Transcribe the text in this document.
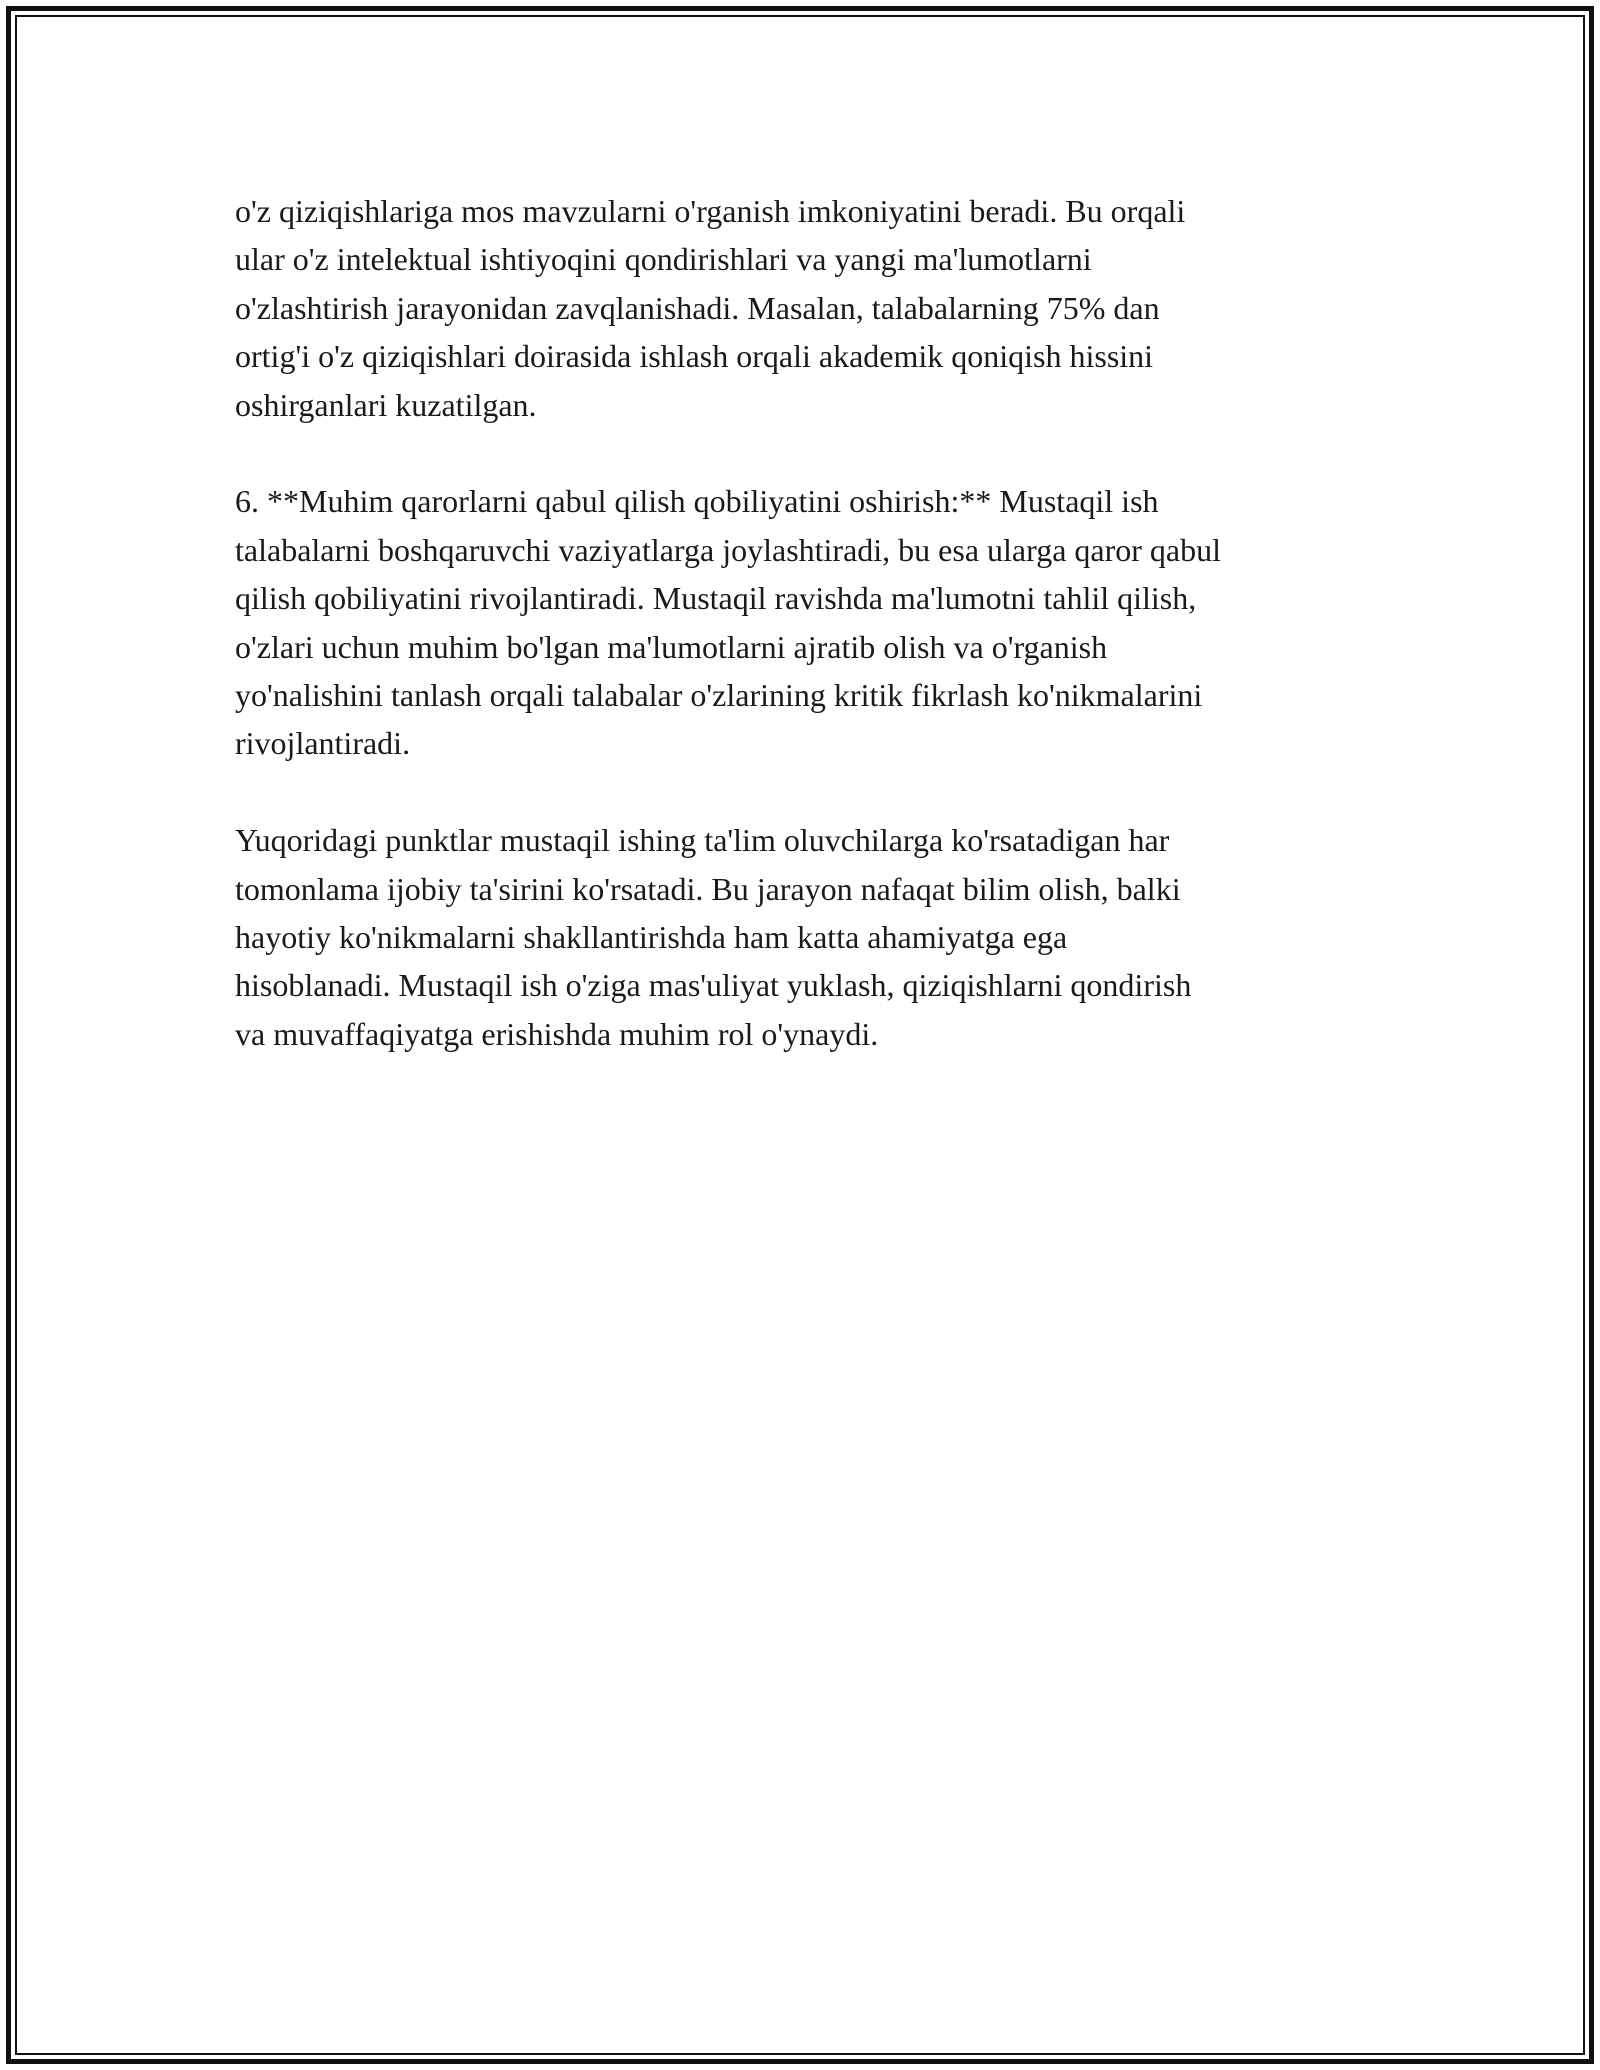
o'z qiziqishlariga mos mavzularni o'rganish imkoniyatini beradi. Bu orqali
ular o'z intelektual ishtiyoqini qondirishlari va yangi ma'lumotlarni
o'zlashtirish jarayonidan zavqlanishadi. Masalan, talabalarning 75% dan
ortig'i o'z qiziqishlari doirasida ishlash orqali akademik qoniqish hissini
oshirganlari kuzatilgan.

6. **Muhim qarorlarni qabul qilish qobiliyatini oshirish:** Mustaqil ish
talabalarni boshqaruvchi vaziyatlarga joylashtiradi, bu esa ularga qaror qabul
qilish qobiliyatini rivojlantiradi. Mustaqil ravishda ma'lumotni tahlil qilish,
o'zlari uchun muhim bo'lgan ma'lumotlarni ajratib olish va o'rganish
yo'nalishini tanlash orqali talabalar o'zlarining kritik fikrlash ko'nikmalarini
rivojlantiradi.

Yuqoridagi punktlar mustaqil ishing ta'lim oluvchilarga ko'rsatadigan har
tomonlama ijobiy ta'sirini ko'rsatadi. Bu jarayon nafaqat bilim olish, balki
hayotiy ko'nikmalarni shakllantirishda ham katta ahamiyatga ega
hisoblanadi. Mustaqil ish o'ziga mas'uliyat yuklash, qiziqishlarni qondirish
va muvaffaqiyatga erishishda muhim rol o'ynaydi.
